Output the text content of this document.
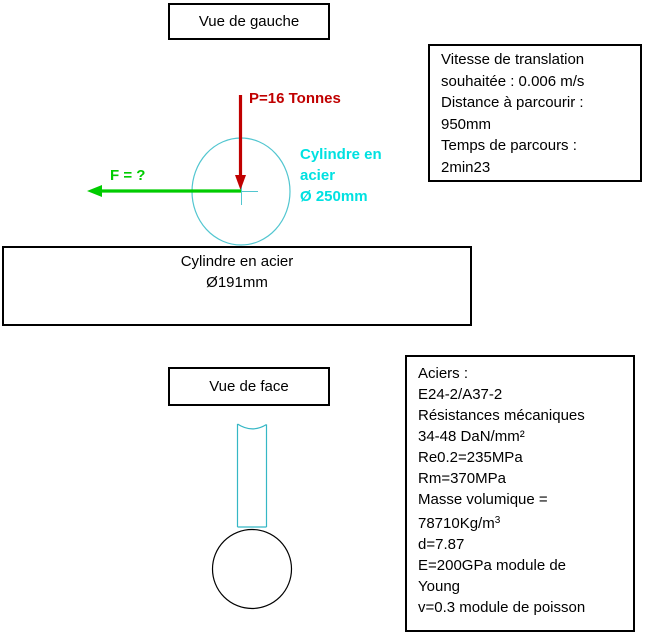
Vue de gauche
P=16 Tonnes
F = ?
Cylindre en
acier
Ø 250mm
Vitesse de translation
souhaitée : 0.006 m/s
Distance à parcourir :
950mm
Temps de parcours :
2min23
Cylindre en acier
Ø191mm
Vue de face
Aciers :
E24-2/A37-2
Résistances mécaniques
34-48 DaN/mm²
Re0.2=235MPa
Rm=370MPa
Masse volumique =
$78710Kg/m^3$
d=7.87
E=200GPa module de
Young
v=0.3 module de poisson
